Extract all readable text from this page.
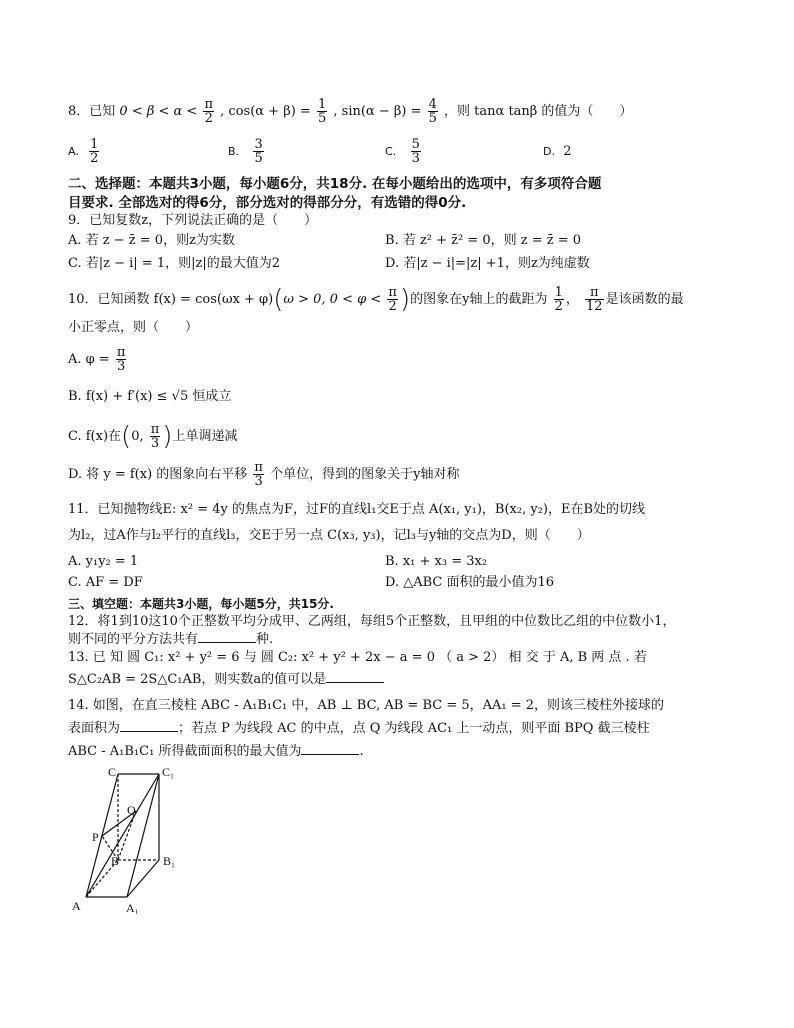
8．已知 $0 < \beta < \alpha < \frac{\pi}{2}$ , $\cos(\alpha + \beta) = \frac{1}{5}$ , $\sin(\alpha - \beta) = \frac{4}{5}$ ，则 tanα tanβ 的值为（　　）
A. $\frac{1}{2}$	B. $\frac{3}{5}$	C. $\frac{5}{3}$	D. 2
二、选择题：本题共3小题，每小题6分，共18分. 在每小题给出的选项中，有多项符合题
目要求. 全部选对的得6分，部分选对的得部分分，有选错的得0分.
9．已知复数z，下列说法正确的是（　　）
A. 若 z − z̄ = 0，则z为实数	B. 若 z² + z̄² = 0，则 z = z̄ = 0
C. 若|z − i| = 1，则|z|的最大值为2	D. 若|z − i|=|z| +1，则z为纯虚数
10．已知函数 f(x) = cos(ωx + φ)(ω > 0, $0 < \varphi < \frac{\pi}{2}$ )的图象在y轴上的截距为 $\frac{1}{2}$ ， $\frac{\pi}{12}$ 是该函数的最
小正零点，则（　　）
A. $\varphi = \frac{\pi}{3}$
B. f(x) + f′(x) ≤ √5 恒成立
C. f(x)在(0, $\frac{\pi}{3}$ )上单调递减
D. 将 y = f(x) 的图象向右平移 $\frac{\pi}{3}$ 个单位，得到的图象关于y轴对称
11．已知抛物线E: x² = 4y 的焦点为F，过F的直线l₁交E于点 A(x₁, y₁)，B(x₂, y₂)，E在B处的切线
为l₂，过A作与l₂平行的直线l₃，交E于另一点 C(x₃, y₃)，记l₃与y轴的交点为D，则（　　）
A. y₁y₂ = 1	B. x₁ + x₃ = 3x₂
C. AF = DF	D. △ABC 面积的最小值为16
三、填空题：本题共3小题，每小题5分，共15分.
12．将1到10这10个正整数平均分成甲、乙两组，每组5个正整数，且甲组的中位数比乙组的中位数小1，
则不同的平分方法共有	种.
13. 已 知 圆 C₁: x² + y² = 6 与 圆 C₂: x² + y² + 2x − a = 0 （ a > 2） 相 交 于 A, B 两 点 . 若
S△C₂AB = 2S△C₁AB，则实数a的值可以是
14. 如图，在直三棱柱 ABC - A₁B₁C₁ 中，AB ⊥ BC, AB = BC = 5，AA₁ = 2，则该三棱柱外接球的
表面积为	；若点 P 为线段 AC 的中点，点 Q 为线段 AC₁ 上一动点，则平面 BPQ 截三棱柱
ABC - A₁B₁C₁ 所得截面面积的最大值为	.
C	C₁
Q
P
B	B₁
A	A₁
